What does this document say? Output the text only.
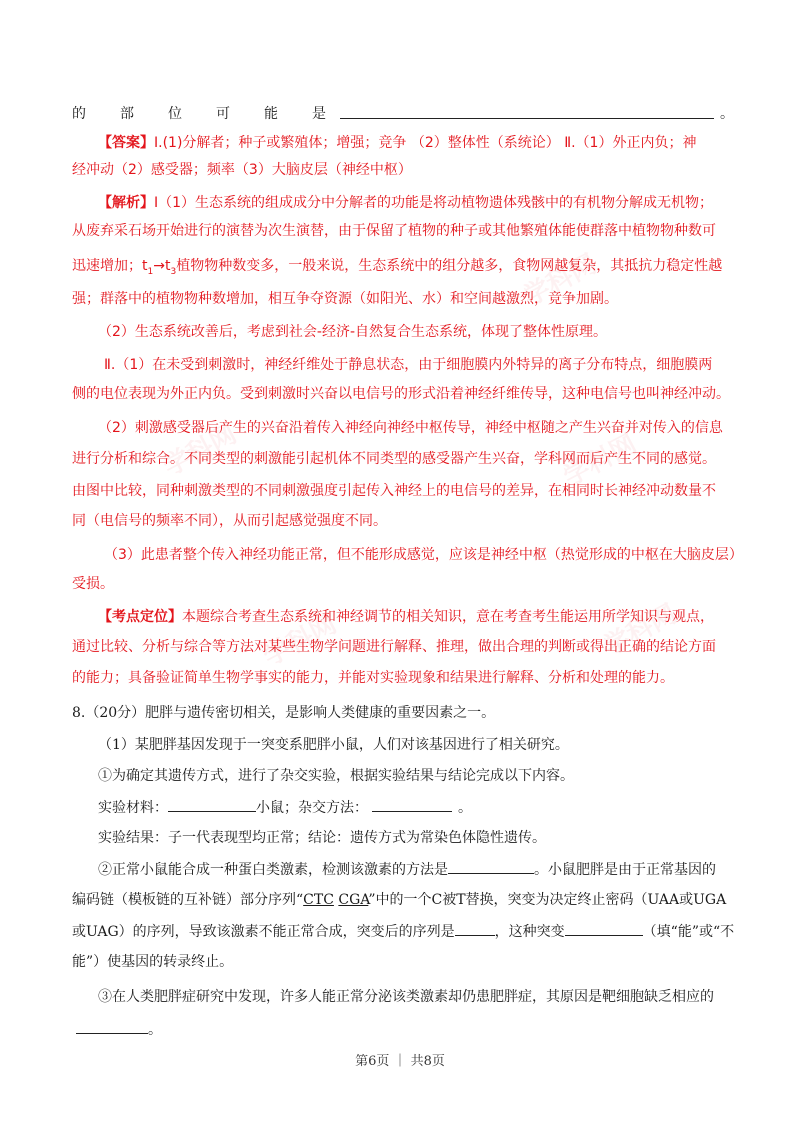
学科网
学科网	学科网
学科网	学科网
的 部 位 可 能 是	。
【答案】Ⅰ.(1)分解者；种子或繁殖体；增强；竞争 （2）整体性（系统论） Ⅱ.（1）外正内负；神
经冲动（2）感受器；频率（3）大脑皮层（神经中枢）
【解析】Ⅰ（1）生态系统的组成成分中分解者的功能是将动植物遗体残骸中的有机物分解成无机物；
从废弃采石场开始进行的演替为次生演替，由于保留了植物的种子或其他繁殖体能使群落中植物物种数可
迅速增加；$t_1\to t_3$植物物种数变多，一般来说，生态系统中的组分越多，食物网越复杂，其抵抗力稳定性越
强；群落中的植物物种数增加，相互争夺资源（如阳光、水）和空间越激烈，竞争加剧。
（2）生态系统改善后，考虑到社会-经济-自然复合生态系统，体现了整体性原理。
Ⅱ.（1）在未受到刺激时，神经纤维处于静息状态，由于细胞膜内外特异的离子分布特点，细胞膜两
侧的电位表现为外正内负。受到刺激时兴奋以电信号的形式沿着神经纤维传导，这种电信号也叫神经冲动。
（2）刺激感受器后产生的兴奋沿着传入神经向神经中枢传导，神经中枢随之产生兴奋并对传入的信息
进行分析和综合。不同类型的刺激能引起机体不同类型的感受器产生兴奋，学科网而后产生不同的感觉。
由图中比较，同种刺激类型的不同刺激强度引起传入神经上的电信号的差异，在相同时长神经冲动数量不
同（电信号的频率不同），从而引起感觉强度不同。
（3）此患者整个传入神经功能正常，但不能形成感觉，应该是神经中枢（热觉形成的中枢在大脑皮层）
受损。
【考点定位】本题综合考查生态系统和神经调节的相关知识，意在考查考生能运用所学知识与观点，
通过比较、分析与综合等方法对某些生物学问题进行解释、推理，做出合理的判断或得出正确的结论方面
的能力；具备验证简单生物学事实的能力，并能对实验现象和结果进行解释、分析和处理的能力。
8.（20分）肥胖与遗传密切相关，是影响人类健康的重要因素之一。
（1）某肥胖基因发现于一突变系肥胖小鼠，人们对该基因进行了相关研究。
①为确定其遗传方式，进行了杂交实验，根据实验结果与结论完成以下内容。
实验材料：	小鼠；杂交方法：	。
实验结果：子一代表现型均正常；结论：遗传方式为常染色体隐性遗传。
②正常小鼠能合成一种蛋白类激素，检测该激素的方法是	。小鼠肥胖是由于正常基因的
编码链（模板链的互补链）部分序列“CTC CGA”中的一个C被T替换，突变为决定终止密码（UAA或UGA
或UAG）的序列，导致该激素不能正常合成，突变后的序列是	，这种突变	（填“能”或“不
能”）使基因的转录终止。
③在人类肥胖症研究中发现，许多人能正常分泌该类激素却仍患肥胖症，其原因是靶细胞缺乏相应的
。
第6页 ｜ 共8页
